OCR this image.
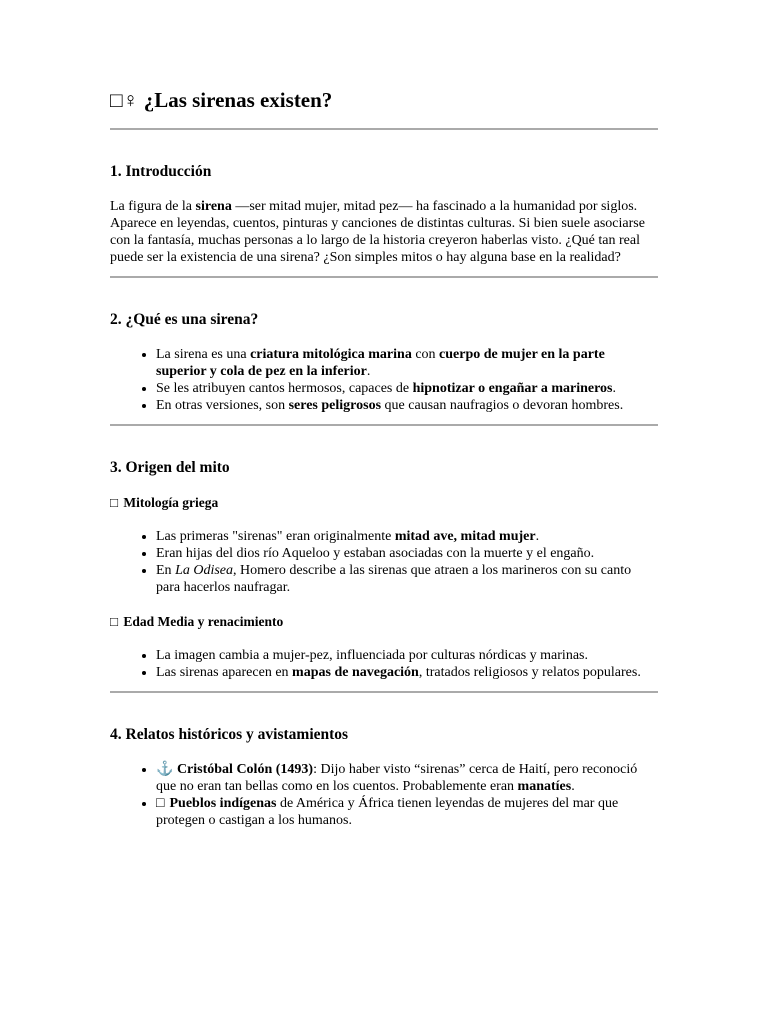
□♀ ¿Las sirenas existen?
1. Introducción

La figura de la sirena —ser mitad mujer, mitad pez— ha fascinado a la humanidad por siglos. Aparece en leyendas, cuentos, pinturas y canciones de distintas culturas. Si bien suele asociarse con la fantasía, muchas personas a lo largo de la historia creyeron haberlas visto. ¿Qué tan real puede ser la existencia de una sirena? ¿Son simples mitos o hay alguna base en la realidad?

2. ¿Qué es una sirena?
• La sirena es una criatura mitológica marina con cuerpo de mujer en la parte superior y cola de pez en la inferior.
• Se les atribuyen cantos hermosos, capaces de hipnotizar o engañar a marineros.
• En otras versiones, son seres peligrosos que causan naufragios o devoran hombres.
3. Origen del mito
□ Mitología griega
• Las primeras "sirenas" eran originalmente mitad ave, mitad mujer.
• Eran hijas del dios río Aqueloo y estaban asociadas con la muerte y el engaño.
• En La Odisea, Homero describe a las sirenas que atraen a los marineros con su canto para hacerlos naufragar.
□ Edad Media y renacimiento
• La imagen cambia a mujer-pez, influenciada por culturas nórdicas y marinas.
• Las sirenas aparecen en mapas de navegación, tratados religiosos y relatos populares.
4. Relatos históricos y avistamientos
• ⚓ Cristóbal Colón (1493): Dijo haber visto “sirenas” cerca de Haití, pero reconoció que no eran tan bellas como en los cuentos. Probablemente eran manatíes.
• □ Pueblos indígenas de América y África tienen leyendas de mujeres del mar que protegen o castigan a los humanos.
